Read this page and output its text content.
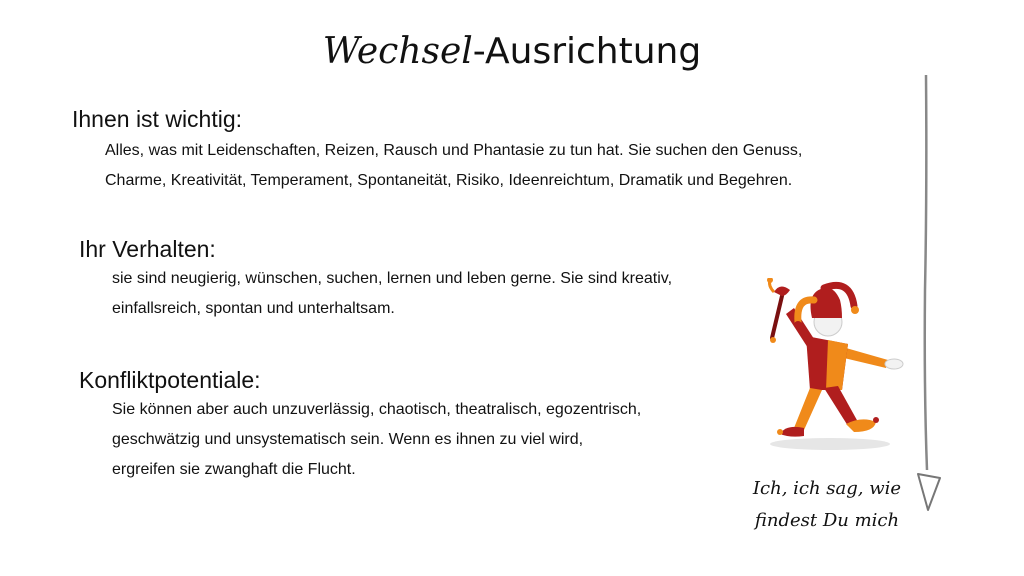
Wechsel-Ausrichtung
Ihnen ist wichtig:
Alles, was mit Leidenschaften, Reizen, Rausch und Phantasie zu tun hat. Sie suchen den Genuss,
Charme, Kreativität, Temperament, Spontaneität, Risiko, Ideenreichtum, Dramatik und Begehren.
Ihr Verhalten:
sie sind neugierig, wünschen, suchen, lernen und leben gerne. Sie sind kreativ,
einfallsreich, spontan und unterhaltsam.
Konfliktpotentiale:
Sie können aber auch unzuverlässig, chaotisch, theatralisch, egozentrisch,
geschwätzig und unsystematisch sein. Wenn es ihnen zu viel wird,
ergreifen sie zwanghaft die Flucht.
Ich, ich sag, wie
findest Du mich
